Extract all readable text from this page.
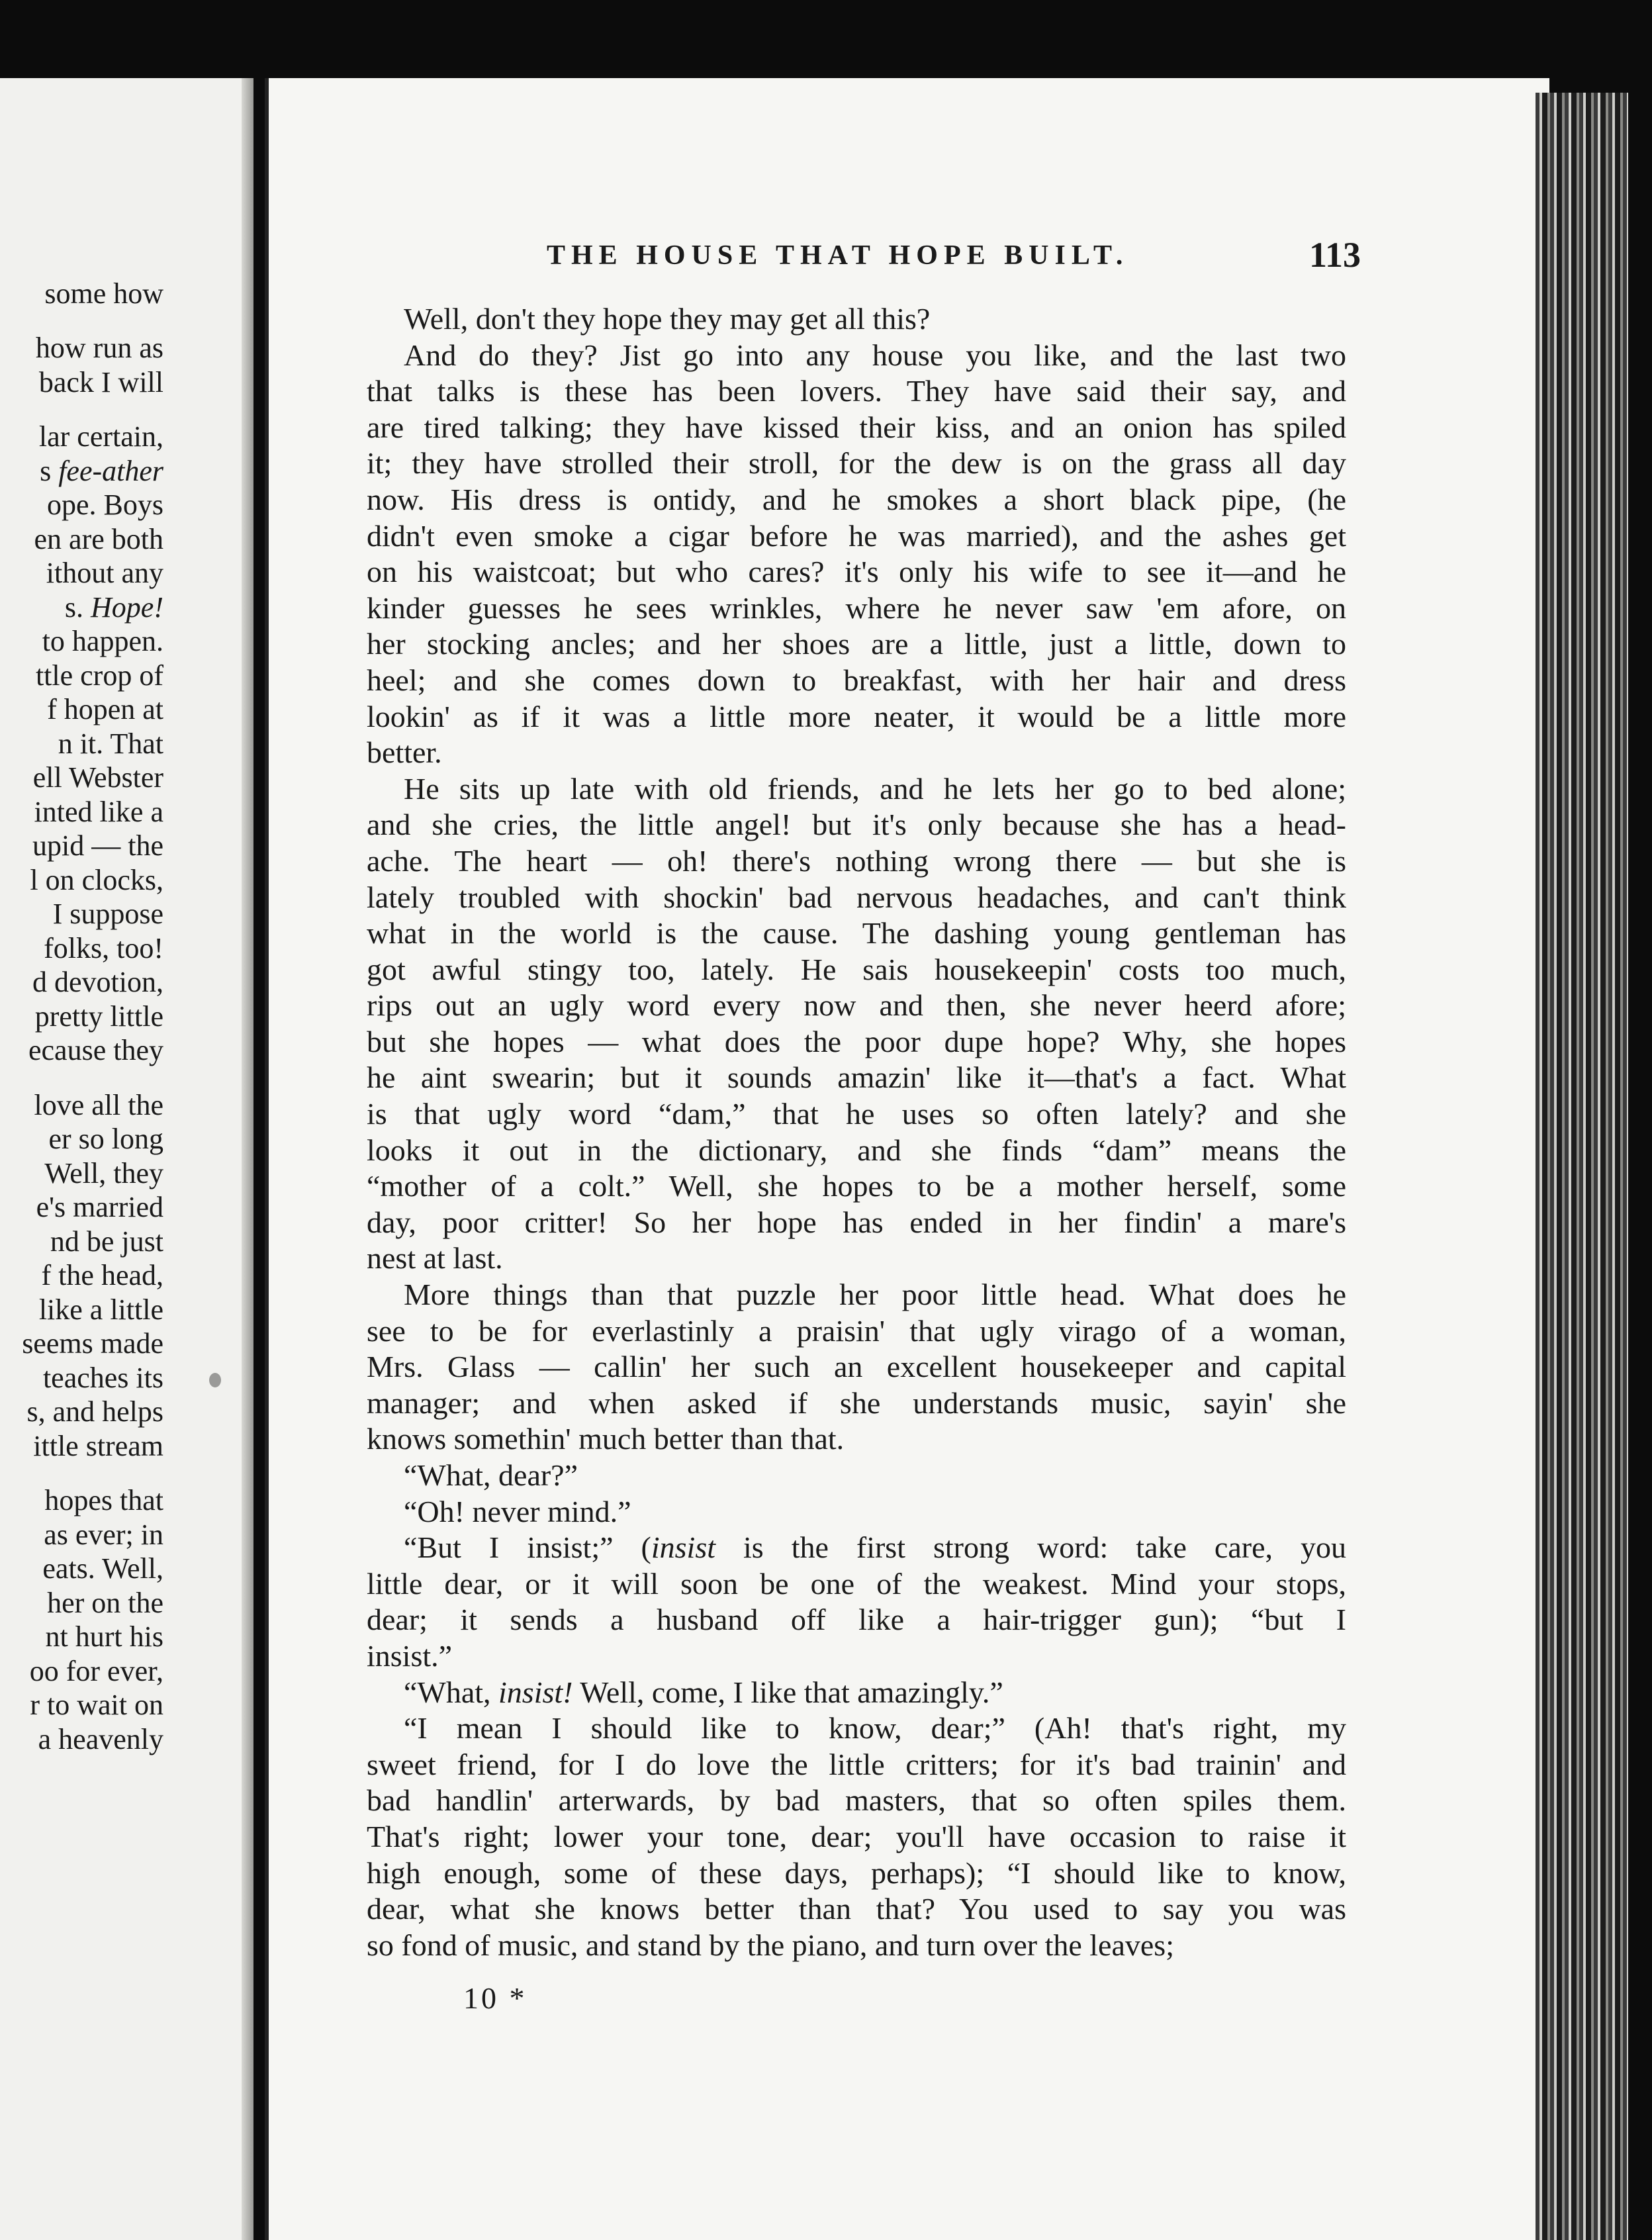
some how
how run as
back I will
lar certain,
s fee-ather
ope. Boys
en are both
ithout any
s. Hope!
to happen.
ttle crop of
f hopen at
n it. That
ell Webster
inted like a
upid — the
l on clocks,
I suppose
folks, too!
d devotion,
pretty little
ecause they
love all the
er so long
Well, they
e's married
nd be just
f the head,
like a little
seems made
teaches its
s, and helps
ittle stream
hopes that
as ever; in
eats. Well,
her on the
nt hurt his
oo for ever,
r to wait on
a heavenly
THE HOUSE THAT HOPE BUILT.	113
Well, don't they hope they may get all this?
And do they? Jist go into any house you like, and the last two
that talks is these has been lovers. They have said their say, and
are tired talking; they have kissed their kiss, and an onion has spiled
it; they have strolled their stroll, for the dew is on the grass all day
now. His dress is ontidy, and he smokes a short black pipe, (he
didn't even smoke a cigar before he was married), and the ashes get
on his waistcoat; but who cares? it's only his wife to see it—and he
kinder guesses he sees wrinkles, where he never saw 'em afore, on
her stocking ancles; and her shoes are a little, just a little, down to
heel; and she comes down to breakfast, with her hair and dress
lookin' as if it was a little more neater, it would be a little more
better.
He sits up late with old friends, and he lets her go to bed alone;
and she cries, the little angel! but it's only because she has a head-
ache. The heart — oh! there's nothing wrong there — but she is
lately troubled with shockin' bad nervous headaches, and can't think
what in the world is the cause. The dashing young gentleman has
got awful stingy too, lately. He sais housekeepin' costs too much,
rips out an ugly word every now and then, she never heerd afore;
but she hopes — what does the poor dupe hope? Why, she hopes
he aint swearin; but it sounds amazin' like it—that's a fact. What
is that ugly word “dam,” that he uses so often lately? and she
looks it out in the dictionary, and she finds “dam” means the
“mother of a colt.” Well, she hopes to be a mother herself, some
day, poor critter! So her hope has ended in her findin' a mare's
nest at last.
More things than that puzzle her poor little head. What does he
see to be for everlastinly a praisin' that ugly virago of a woman,
Mrs. Glass — callin' her such an excellent housekeeper and capital
manager; and when asked if she understands music, sayin' she
knows somethin' much better than that.
“What, dear?”
“Oh! never mind.”
“But I insist;” (insist is the first strong word: take care, you
little dear, or it will soon be one of the weakest. Mind your stops,
dear; it sends a husband off like a hair-trigger gun); “but I
insist.”
“What, insist! Well, come, I like that amazingly.”
“I mean I should like to know, dear;” (Ah! that's right, my
sweet friend, for I do love the little critters; for it's bad trainin' and
bad handlin' arterwards, by bad masters, that so often spiles them.
That's right; lower your tone, dear; you'll have occasion to raise it
high enough, some of these days, perhaps); “I should like to know,
dear, what she knows better than that? You used to say you was
so fond of music, and stand by the piano, and turn over the leaves;
10 *
